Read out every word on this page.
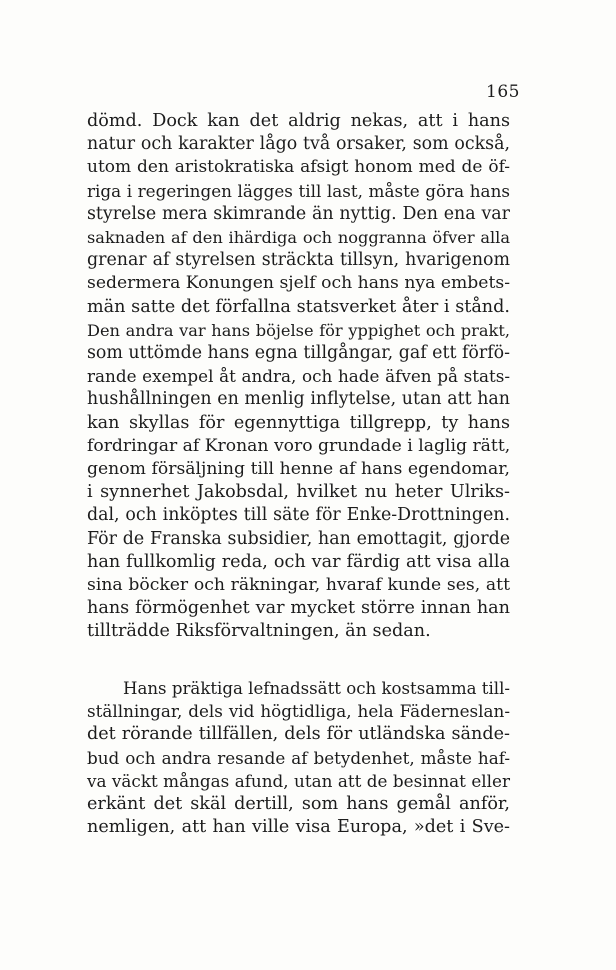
165
dömd. Dock kan det aldrig nekas, att i hans
natur och karakter lågo två orsaker, som också,
utom den aristokratiska afsigt honom med de öf-
riga i regeringen lägges till last, måste göra hans
styrelse mera skimrande än nyttig. Den ena var
saknaden af den ihärdiga och noggranna öfver alla
grenar af styrelsen sträckta tillsyn, hvarigenom
sedermera Konungen sjelf och hans nya embets-
män satte det förfallna statsverket åter i stånd.
Den andra var hans böjelse för yppighet och prakt,
som uttömde hans egna tillgångar, gaf ett förfö-
rande exempel åt andra, och hade äfven på stats-
hushållningen en menlig inflytelse, utan att han
kan skyllas för egennyttiga tillgrepp, ty hans
fordringar af Kronan voro grundade i laglig rätt,
genom försäljning till henne af hans egendomar,
i synnerhet Jakobsdal, hvilket nu heter Ulriks-
dal, och inköptes till säte för Enke-Drottningen.
För de Franska subsidier, han emottagit, gjorde
han fullkomlig reda, och var färdig att visa alla
sina böcker och räkningar, hvaraf kunde ses, att
hans förmögenhet var mycket större innan han
tillträdde Riksförvaltningen, än sedan.
Hans präktiga lefnadssätt och kostsamma till-
ställningar, dels vid högtidliga, hela Fäderneslan-
det rörande tillfällen, dels för utländska sände-
bud och andra resande af betydenhet, måste haf-
va väckt mångas afund, utan att de besinnat eller
erkänt det skäl dertill, som hans gemål anför,
nemligen, att han ville visa Europa, »det i Sve-
